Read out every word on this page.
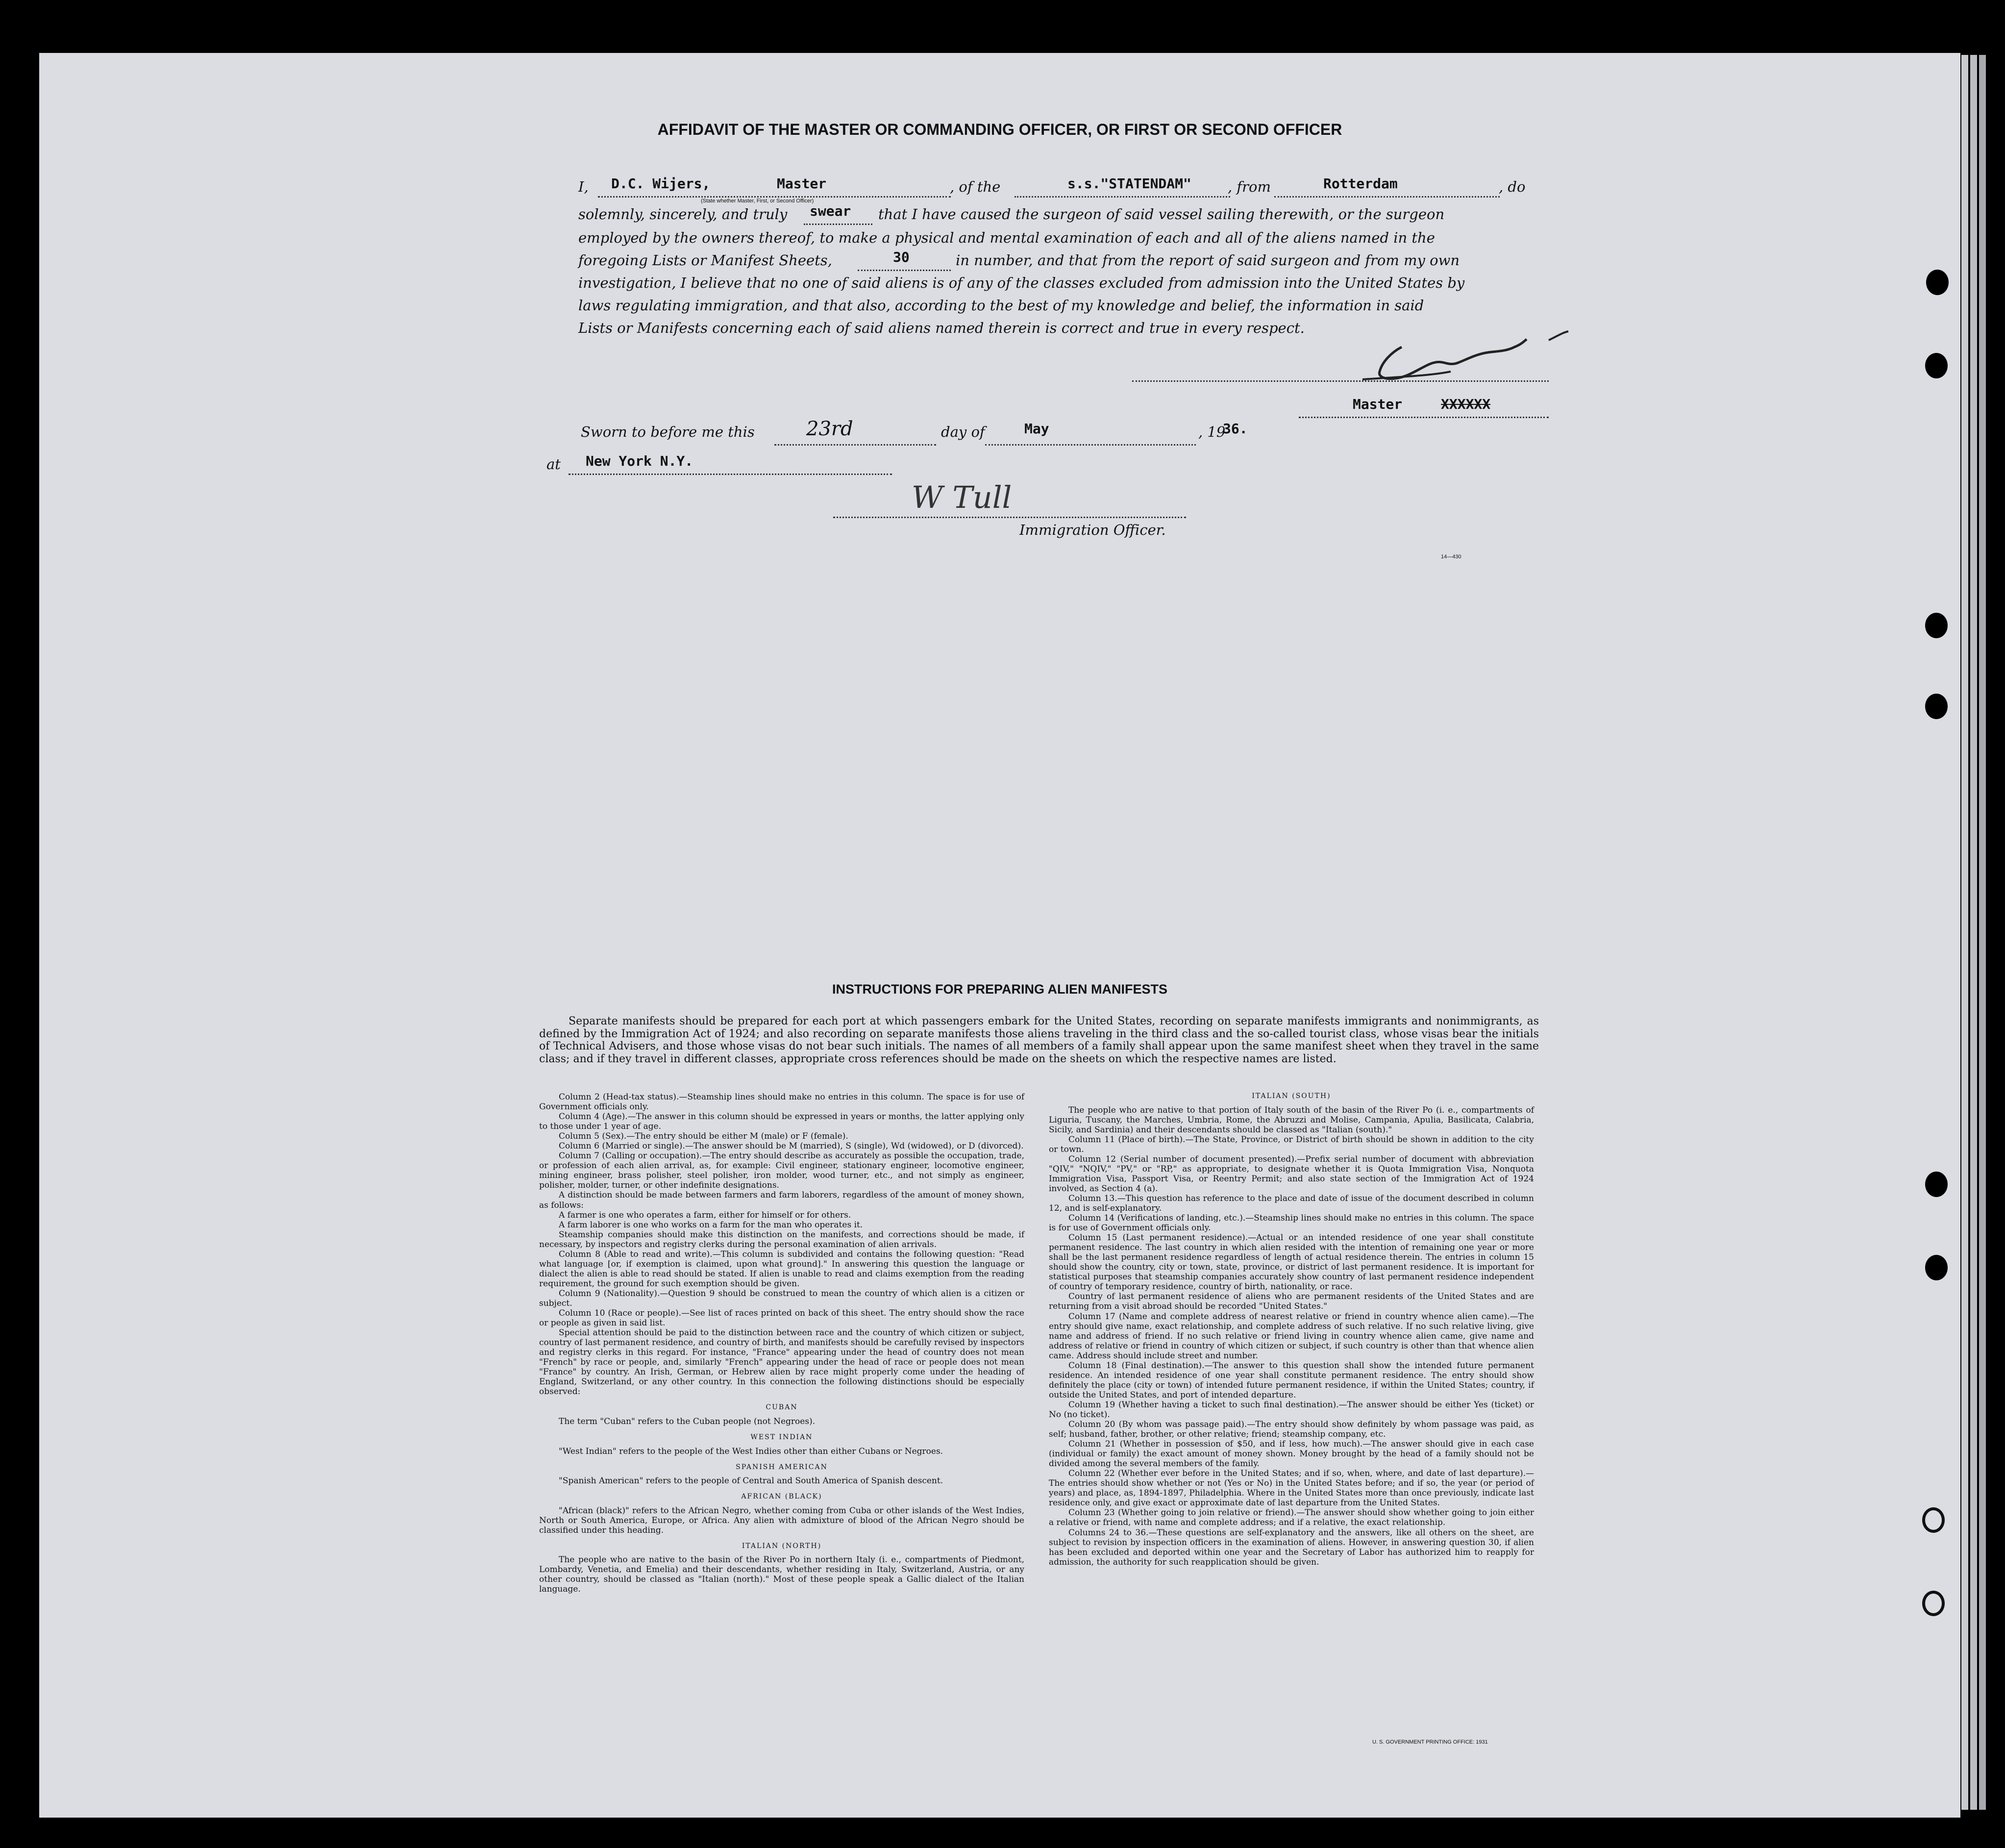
AFFIDAVIT OF THE MASTER OR COMMANDING OFFICER, OR FIRST OR SECOND OFFICER
I, D.C. Wijers,	Master
(State whether Master, First, or Second Officer)
, of the	s.s."STATENDAM"	, from	Rotterdam	, do
solemnly, sincerely, and truly swear that I have caused the surgeon of said vessel sailing therewith, or the surgeon
employed by the owners thereof, to make a physical and mental examination of each and all of the aliens named in the
foregoing Lists or Manifest Sheets,	30	in number, and that from the report of said surgeon and from my own
investigation, I believe that no one of said aliens is of any of the classes excluded from admission into the United States by
laws regulating immigration, and that also, according to the best of my knowledge and belief, the information in said
Lists or Manifests concerning each of said aliens named therein is correct and true in every respect.
Master	XXXXXX
Sworn to before me this	23rd	day of	May	, 19
36.
at New York N.Y.
W Tull
Immigration Officer.
14—430
INSTRUCTIONS FOR PREPARING ALIEN MANIFESTS
Separate manifests should be prepared for each port at which passengers embark for the United States, recording on separate manifests immigrants and nonimmigrants, as defined by the Immigration Act of 1924; and also recording on separate manifests those aliens traveling in the third class and the so-called tourist class, whose visas bear the initials of Technical Advisers, and those whose visas do not bear such initials. The names of all members of a family shall appear upon the same manifest sheet when they travel in the same class; and if they travel in different classes, appropriate cross references should be made on the sheets on which the respective names are listed.

Column 2 (Head-tax status).—Steamship lines should make no entries in this column. The space is for use of Government officials only.

Column 4 (Age).—The answer in this column should be expressed in years or months, the latter applying only to those under 1 year of age.

Column 5 (Sex).—The entry should be either M (male) or F (female).

Column 6 (Married or single).—The answer should be M (married), S (single), Wd (widowed), or D (divorced).

Column 7 (Calling or occupation).—The entry should describe as accurately as possible the occupation, trade, or profession of each alien arrival, as, for example: Civil engineer, stationary engineer, locomotive engineer, mining engineer, brass polisher, steel polisher, iron molder, wood turner, etc., and not simply as engineer, polisher, molder, turner, or other indefinite designations.

A distinction should be made between farmers and farm laborers, regardless of the amount of money shown, as follows:

A farmer is one who operates a farm, either for himself or for others.

A farm laborer is one who works on a farm for the man who operates it.

Steamship companies should make this distinction on the manifests, and corrections should be made, if necessary, by inspectors and registry clerks during the personal examination of alien arrivals.

Column 8 (Able to read and write).—This column is subdivided and contains the following question: "Read what language [or, if exemption is claimed, upon what ground]." In answering this question the language or dialect the alien is able to read should be stated. If alien is unable to read and claims exemption from the reading requirement, the ground for such exemption should be given.

Column 9 (Nationality).—Question 9 should be construed to mean the country of which alien is a citizen or subject.

Column 10 (Race or people).—See list of races printed on back of this sheet. The entry should show the race or people as given in said list.

Special attention should be paid to the distinction between race and the country of which citizen or subject, country of last permanent residence, and country of birth, and manifests should be carefully revised by inspectors and registry clerks in this regard. For instance, "France" appearing under the head of country does not mean "French" by race or people, and, similarly "French" appearing under the head of race or people does not mean "France" by country. An Irish, German, or Hebrew alien by race might properly come under the heading of England, Switzerland, or any other country. In this connection the following distinctions should be especially observed:

CUBAN

The term "Cuban" refers to the Cuban people (not Negroes).

WEST INDIAN

"West Indian" refers to the people of the West Indies other than either Cubans or Negroes.

SPANISH AMERICAN

"Spanish American" refers to the people of Central and South America of Spanish descent.

AFRICAN (BLACK)

"African (black)" refers to the African Negro, whether coming from Cuba or other islands of the West Indies, North or South America, Europe, or Africa. Any alien with admixture of blood of the African Negro should be classified under this heading.

ITALIAN (NORTH)

The people who are native to the basin of the River Po in northern Italy (i. e., compartments of Piedmont, Lombardy, Venetia, and Emelia) and their descendants, whether residing in Italy, Switzerland, Austria, or any other country, should be classed as "Italian (north)." Most of these people speak a Gallic dialect of the Italian language.

ITALIAN (SOUTH)

The people who are native to that portion of Italy south of the basin of the River Po (i. e., compartments of Liguria, Tuscany, the Marches, Umbria, Rome, the Abruzzi and Molise, Campania, Apulia, Basilicata, Calabria, Sicily, and Sardinia) and their descendants should be classed as "Italian (south)."

Column 11 (Place of birth).—The State, Province, or District of birth should be shown in addition to the city or town.

Column 12 (Serial number of document presented).—Prefix serial number of document with abbreviation "QIV," "NQIV," "PV," or "RP," as appropriate, to designate whether it is Quota Immigration Visa, Nonquota Immigration Visa, Passport Visa, or Reentry Permit; and also state section of the Immigration Act of 1924 involved, as Section 4 (a).

Column 13.—This question has reference to the place and date of issue of the document described in column 12, and is self-explanatory.

Column 14 (Verifications of landing, etc.).—Steamship lines should make no entries in this column. The space is for use of Government officials only.

Column 15 (Last permanent residence).—Actual or an intended residence of one year shall constitute permanent residence. The last country in which alien resided with the intention of remaining one year or more shall be the last permanent residence regardless of length of actual residence therein. The entries in column 15 should show the country, city or town, state, province, or district of last permanent residence. It is important for statistical purposes that steamship companies accurately show country of last permanent residence independent of country of temporary residence, country of birth, nationality, or race.

Country of last permanent residence of aliens who are permanent residents of the United States and are returning from a visit abroad should be recorded "United States."

Column 17 (Name and complete address of nearest relative or friend in country whence alien came).—The entry should give name, exact relationship, and complete address of such relative. If no such relative living, give name and address of friend. If no such relative or friend living in country whence alien came, give name and address of relative or friend in country of which citizen or subject, if such country is other than that whence alien came. Address should include street and number.

Column 18 (Final destination).—The answer to this question shall show the intended future permanent residence. An intended residence of one year shall constitute permanent residence. The entry should show definitely the place (city or town) of intended future permanent residence, if within the United States; country, if outside the United States, and port of intended departure.

Column 19 (Whether having a ticket to such final destination).—The answer should be either Yes (ticket) or No (no ticket).

Column 20 (By whom was passage paid).—The entry should show definitely by whom passage was paid, as self; husband, father, brother, or other relative; friend; steamship company, etc.

Column 21 (Whether in possession of $50, and if less, how much).—The answer should give in each case (individual or family) the exact amount of money shown. Money brought by the head of a family should not be divided among the several members of the family.

Column 22 (Whether ever before in the United States; and if so, when, where, and date of last departure).—The entries should show whether or not (Yes or No) in the United States before; and if so, the year (or period of years) and place, as, 1894-1897, Philadelphia. Where in the United States more than once previously, indicate last residence only, and give exact or approximate date of last departure from the United States.

Column 23 (Whether going to join relative or friend).—The answer should show whether going to join either a relative or friend, with name and complete address; and if a relative, the exact relationship.

Columns 24 to 36.—These questions are self-explanatory and the answers, like all others on the sheet, are subject to revision by inspection officers in the examination of aliens. However, in answering question 30, if alien has been excluded and deported within one year and the Secretary of Labor has authorized him to reapply for admission, the authority for such reapplication should be given.

U. S. GOVERNMENT PRINTING OFFICE: 1931
